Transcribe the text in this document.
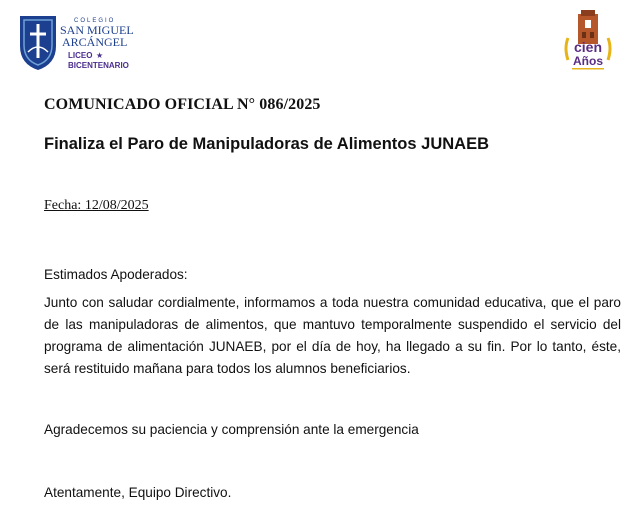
COLEGIO
SAN MIGUEL
ARCÁNGEL
LICEO ★
BICENTENARIO
cien
Años
COMUNICADO OFICIAL N° 086/2025
Finaliza el Paro de Manipuladoras de Alimentos JUNAEB
Fecha: 12/08/2025
Estimados Apoderados:
Junto con saludar cordialmente, informamos a toda nuestra comunidad educativa, que el paro de las manipuladoras de alimentos, que mantuvo temporalmente suspendido el servicio del programa de alimentación JUNAEB, por el día de hoy, ha llegado a su fin. Por lo tanto, éste, será restituido mañana para todos los alumnos beneficiarios.
Agradecemos su paciencia y comprensión ante la emergencia
Atentamente, Equipo Directivo.
